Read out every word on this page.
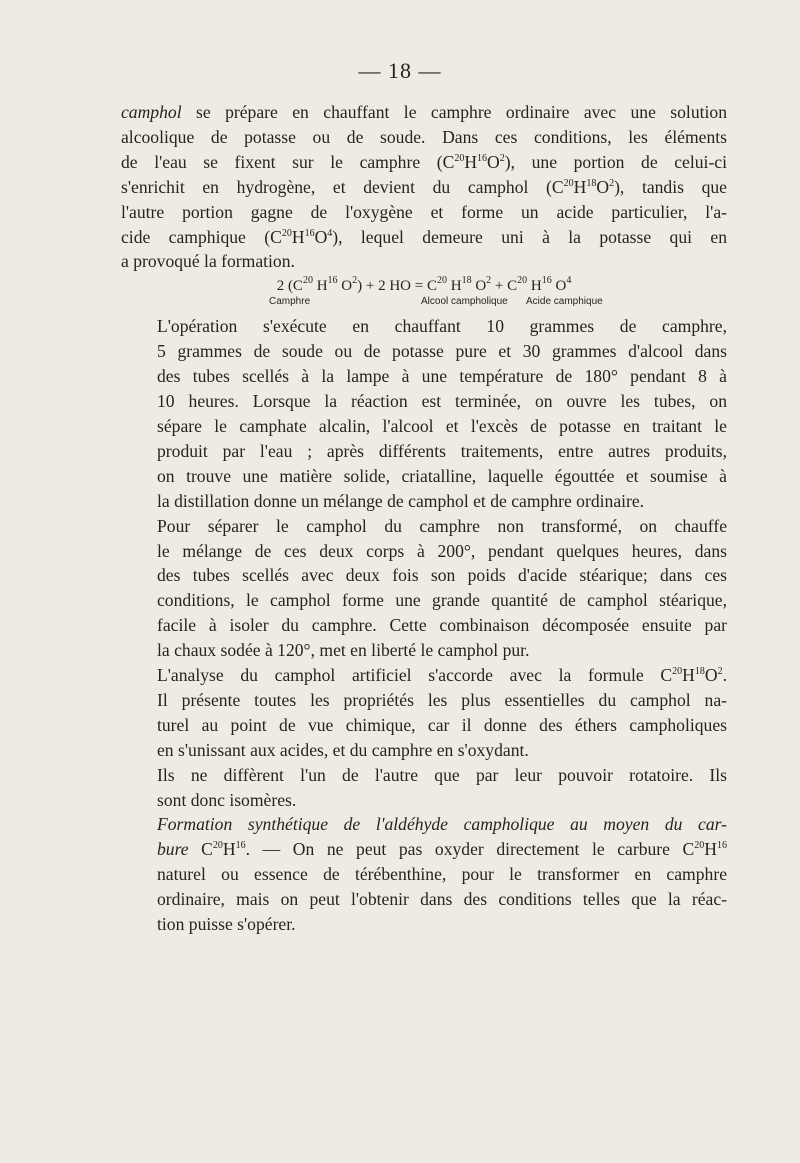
— 18 —
camphol se prépare en chauffant le camphre ordinaire avec une solution
alcoolique de potasse ou de soude. Dans ces conditions, les éléments
de l'eau se fixent sur le camphre $(C^{20}H^{16}O^2)$, une portion de celui-ci
s'enrichit en hydrogène, et devient du camphol $(C^{20}H^{18}O^2)$, tandis que
l'autre portion gagne de l'oxygène et forme un acide particulier, l'a-
cide camphique $(C^{20}H^{16}O^4)$, lequel demeure uni à la potasse qui en
a provoqué la formation.
2 ($C^{20}$ $H^{16}$ $O^2) + 2$ HO = $C^{20}$ $H^{18}$ $O^2 + C^{20}$ $H^{16}$ $O^4$
Camphre	Alcool campholique Acide camphique
L'opération s'exécute en chauffant 10 grammes de camphre,
5 grammes de soude ou de potasse pure et 30 grammes d'alcool dans
des tubes scellés à la lampe à une température de 180° pendant 8 à
10 heures. Lorsque la réaction est terminée, on ouvre les tubes, on
sépare le camphate alcalin, l'alcool et l'excès de potasse en traitant le
produit par l'eau ; après différents traitements, entre autres produits,
on trouve une matière solide, criatalline, laquelle égouttée et soumise à
la distillation donne un mélange de camphol et de camphre ordinaire.
Pour séparer le camphol du camphre non transformé, on chauffe
le mélange de ces deux corps à 200°, pendant quelques heures, dans
des tubes scellés avec deux fois son poids d'acide stéarique; dans ces
conditions, le camphol forme une grande quantité de camphol stéarique,
facile à isoler du camphre. Cette combinaison décomposée ensuite par
la chaux sodée à 120°, met en liberté le camphol pur.
L'analyse du camphol artificiel s'accorde avec la formule $C^{20}H^{18}O^2$.
Il présente toutes les propriétés les plus essentielles du camphol na-
turel au point de vue chimique, car il donne des éthers campholiques
en s'unissant aux acides, et du camphre en s'oxydant.
Ils ne diffèrent l'un de l'autre que par leur pouvoir rotatoire. Ils
sont donc isomères.
Formation synthétique de l'aldéhyde campholique au moyen du car-
bure $C^{20}H^{16}$. — On ne peut pas oxyder directement le carbure $C^{20}H^{16}$
naturel ou essence de térébenthine, pour le transformer en camphre
ordinaire, mais on peut l'obtenir dans des conditions telles que la réac-
tion puisse s'opérer.
